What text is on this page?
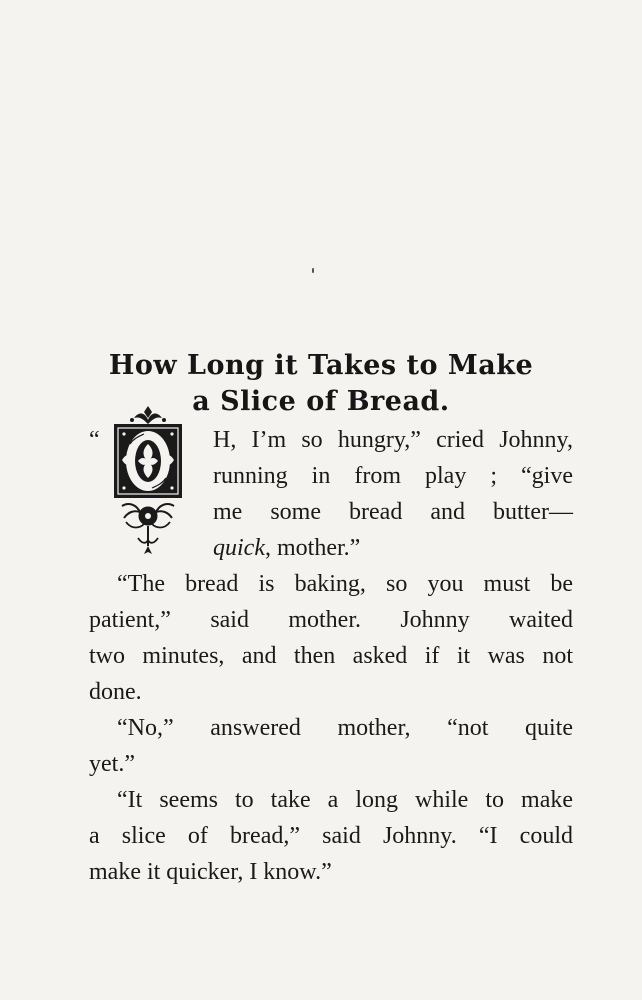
How Long it Takes to Make
a Slice of Bread.
“	H, I’m so hungry,” cried Johnny,
running in from play ; “give
me some bread and butter—
quick, mother.”
“The bread is baking, so you must be
patient,” said mother. Johnny waited
two minutes, and then asked if it was not
done.
“No,” answered mother, “not quite
yet.”
“It seems to take a long while to make
a slice of bread,” said Johnny. “I could
make it quicker, I know.”
